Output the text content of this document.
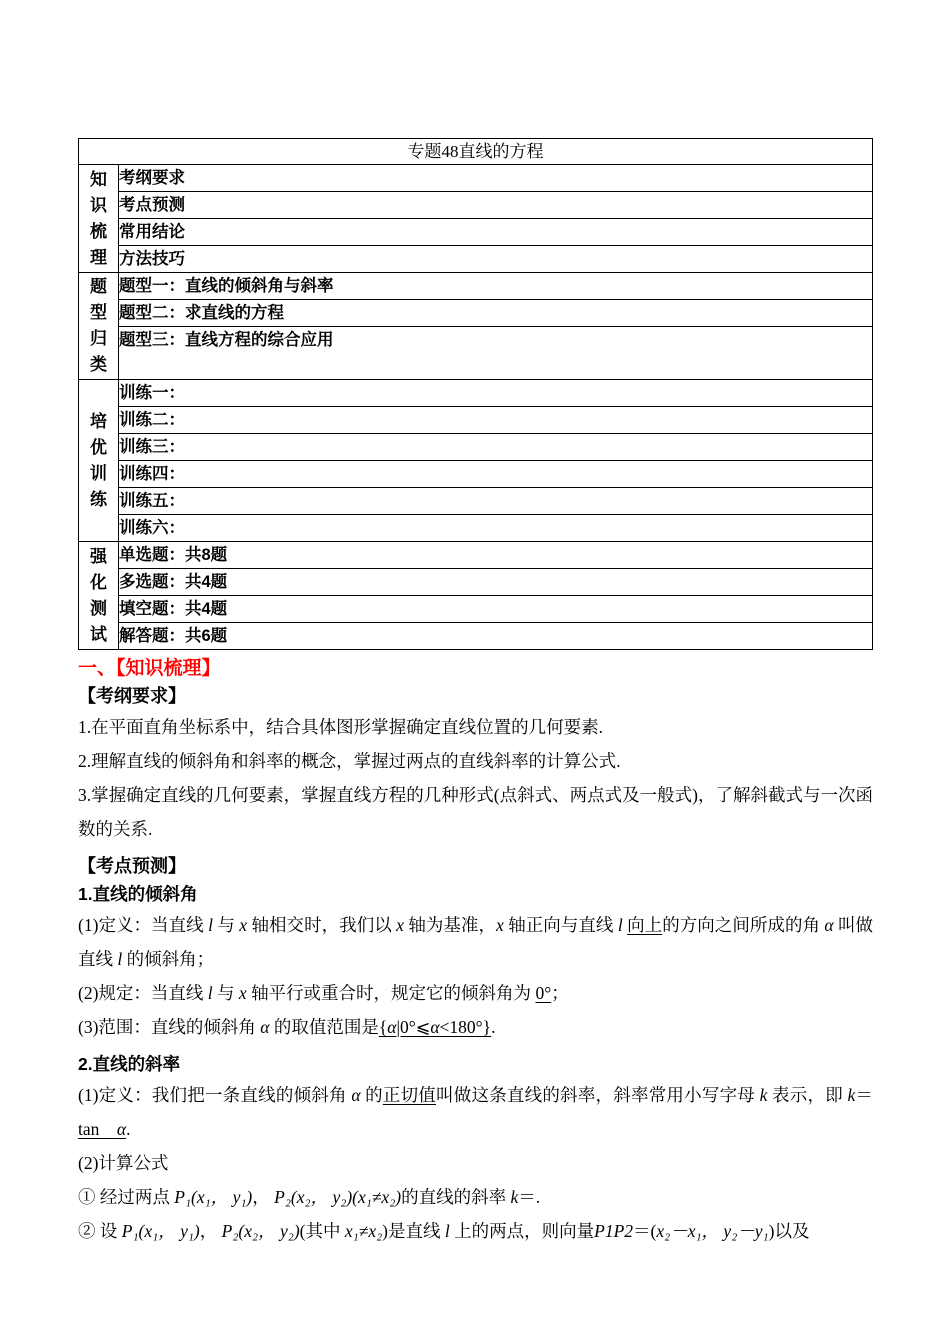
专题48直线的方程	

知识梳理	考纲要求
	考点预测
	常用结论
	方法技巧

题型归类	题型一：直线的倾斜角与斜率
	题型二：求直线的方程
	题型三：直线方程的综合应用

培优训练	训练一：
	训练二：
	训练三：
	训练四：
	训练五：
	训练六：

强化测试	单选题：共8题
	多选题：共4题
	填空题：共4题
	解答题：共6题
一、【知识梳理】
【考纲要求】

1.在平面直角坐标系中，结合具体图形掌握确定直线位置的几何要素.

2.理解直线的倾斜角和斜率的概念，掌握过两点的直线斜率的计算公式.

3.掌握确定直线的几何要素，掌握直线方程的几种形式(点斜式、两点式及一般式)，了解斜截式与一次函数的关系.

【考点预测】
1.直线的倾斜角

(1)定义：当直线 l 与 x 轴相交时，我们以 x 轴为基准，x 轴正向与直线 l 向上的方向之间所成的角 α 叫做直线 l 的倾斜角；

(2)规定：当直线 l 与 x 轴平行或重合时，规定它的倾斜角为 0°；

(3)范围：直线的倾斜角 α 的取值范围是{α|0°⩽α<180°}.

2.直线的斜率

(1)定义：我们把一条直线的倾斜角 α 的正切值叫做这条直线的斜率，斜率常用小写字母 k 表示，即 k＝tan　α.

(2)计算公式

① 经过两点 P₁(x₁， y₁)， P₂(x₂， y₂)(x₁≠x₂)的直线的斜率 k＝.

② 设 P₁(x₁， y₁)， P₂(x₂， y₂)(其中 x₁≠x₂)是直线 l 上的两点，则向量P1P2＝(x₂－x₁， y₂－y₁)以及
